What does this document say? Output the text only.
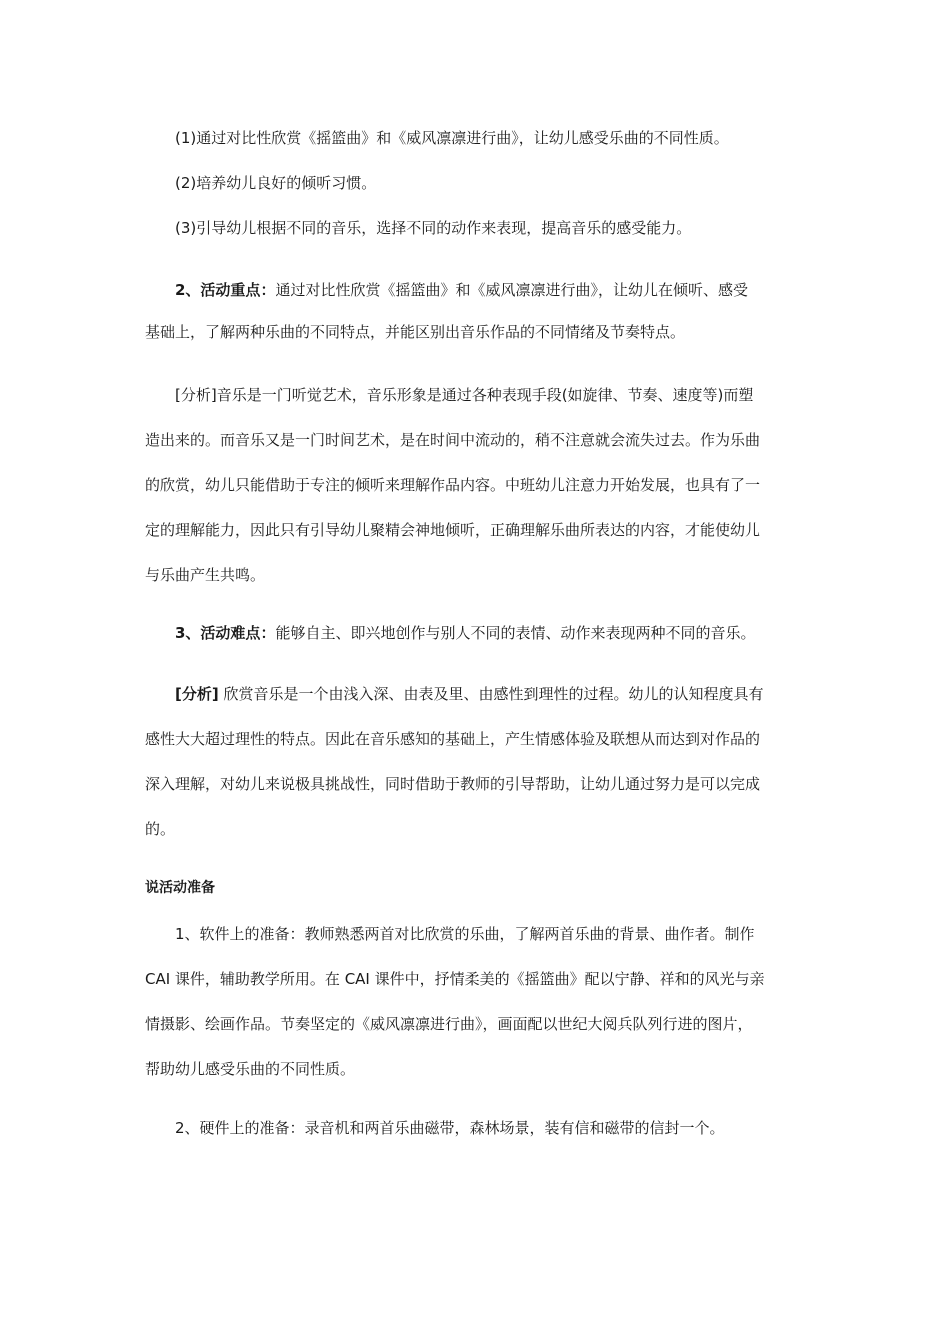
(1)通过对比性欣赏《摇篮曲》和《威风凛凛进行曲》，让幼儿感受乐曲的不同性质。

(2)培养幼儿良好的倾听习惯。

(3)引导幼儿根据不同的音乐，选择不同的动作来表现，提高音乐的感受能力。

2、活动重点：通过对比性欣赏《摇篮曲》和《威风凛凛进行曲》，让幼儿在倾听、感受
基础上，了解两种乐曲的不同特点，并能区别出音乐作品的不同情绪及节奏特点。
[分析]音乐是一门听觉艺术，音乐形象是通过各种表现手段(如旋律、节奏、速度等)而塑
造出来的。而音乐又是一门时间艺术，是在时间中流动的，稍不注意就会流失过去。作为乐曲
的欣赏，幼儿只能借助于专注的倾听来理解作品内容。中班幼儿注意力开始发展，也具有了一
定的理解能力，因此只有引导幼儿聚精会神地倾听，正确理解乐曲所表达的内容，才能使幼儿
与乐曲产生共鸣。
3、活动难点：能够自主、即兴地创作与别人不同的表情、动作来表现两种不同的音乐。
[分析] 欣赏音乐是一个由浅入深、由表及里、由感性到理性的过程。幼儿的认知程度具有
感性大大超过理性的特点。因此在音乐感知的基础上，产生情感体验及联想从而达到对作品的
深入理解，对幼儿来说极具挑战性，同时借助于教师的引导帮助，让幼儿通过努力是可以完成
的。

说活动准备

1、软件上的准备：教师熟悉两首对比欣赏的乐曲，了解两首乐曲的背景、曲作者。制作
CAI 课件，辅助教学所用。在 CAI 课件中，抒情柔美的《摇篮曲》配以宁静、祥和的风光与亲
情摄影、绘画作品。节奏坚定的《威风凛凛进行曲》，画面配以世纪大阅兵队列行进的图片，
帮助幼儿感受乐曲的不同性质。

2、硬件上的准备：录音机和两首乐曲磁带，森林场景，装有信和磁带的信封一个。
